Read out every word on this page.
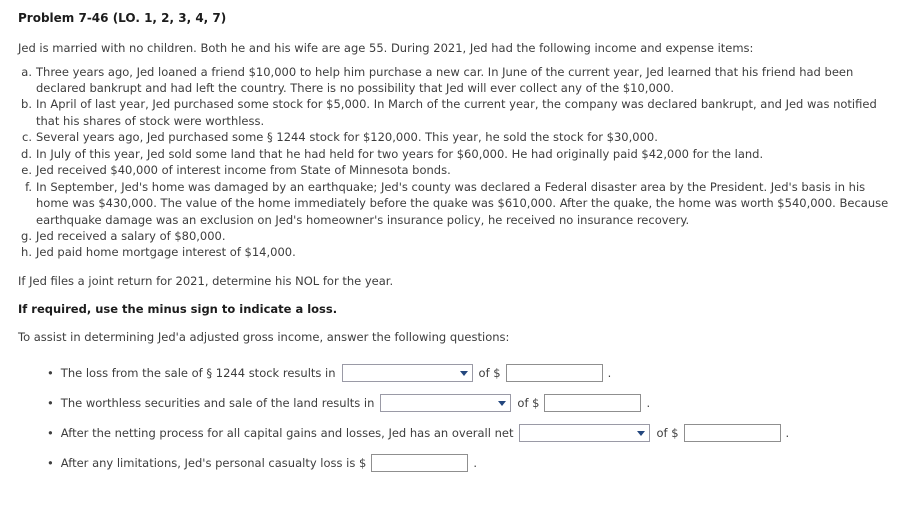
Problem 7-46 (LO. 1, 2, 3, 4, 7)
Jed is married with no children. Both he and his wife are age 55. During 2021, Jed had the following income and expense items:
a. Three years ago, Jed loaned a friend $10,000 to help him purchase a new car. In June of the current year, Jed learned that his friend had been declared bankrupt and had left the country. There is no possibility that Jed will ever collect any of the $10,000.
b. In April of last year, Jed purchased some stock for $5,000. In March of the current year, the company was declared bankrupt, and Jed was notified that his shares of stock were worthless.
c. Several years ago, Jed purchased some § 1244 stock for $120,000. This year, he sold the stock for $30,000.
d. In July of this year, Jed sold some land that he had held for two years for $60,000. He had originally paid $42,000 for the land.
e. Jed received $40,000 of interest income from State of Minnesota bonds.
f. In September, Jed's home was damaged by an earthquake; Jed's county was declared a Federal disaster area by the President. Jed's basis in his home was $430,000. The value of the home immediately before the quake was $610,000. After the quake, the home was worth $540,000. Because earthquake damage was an exclusion on Jed's homeowner's insurance policy, he received no insurance recovery.
g. Jed received a salary of $80,000.
h. Jed paid home mortgage interest of $14,000.
If Jed files a joint return for 2021, determine his NOL for the year.
If required, use the minus sign to indicate a loss.
To assist in determining Jed'a adjusted gross income, answer the following questions:
• The loss from the sale of § 1244 stock results in	of $	.
• The worthless securities and sale of the land results in	of $	.
• After the netting process for all capital gains and losses, Jed has an overall net	of $	.
• After any limitations, Jed's personal casualty loss is $	.
